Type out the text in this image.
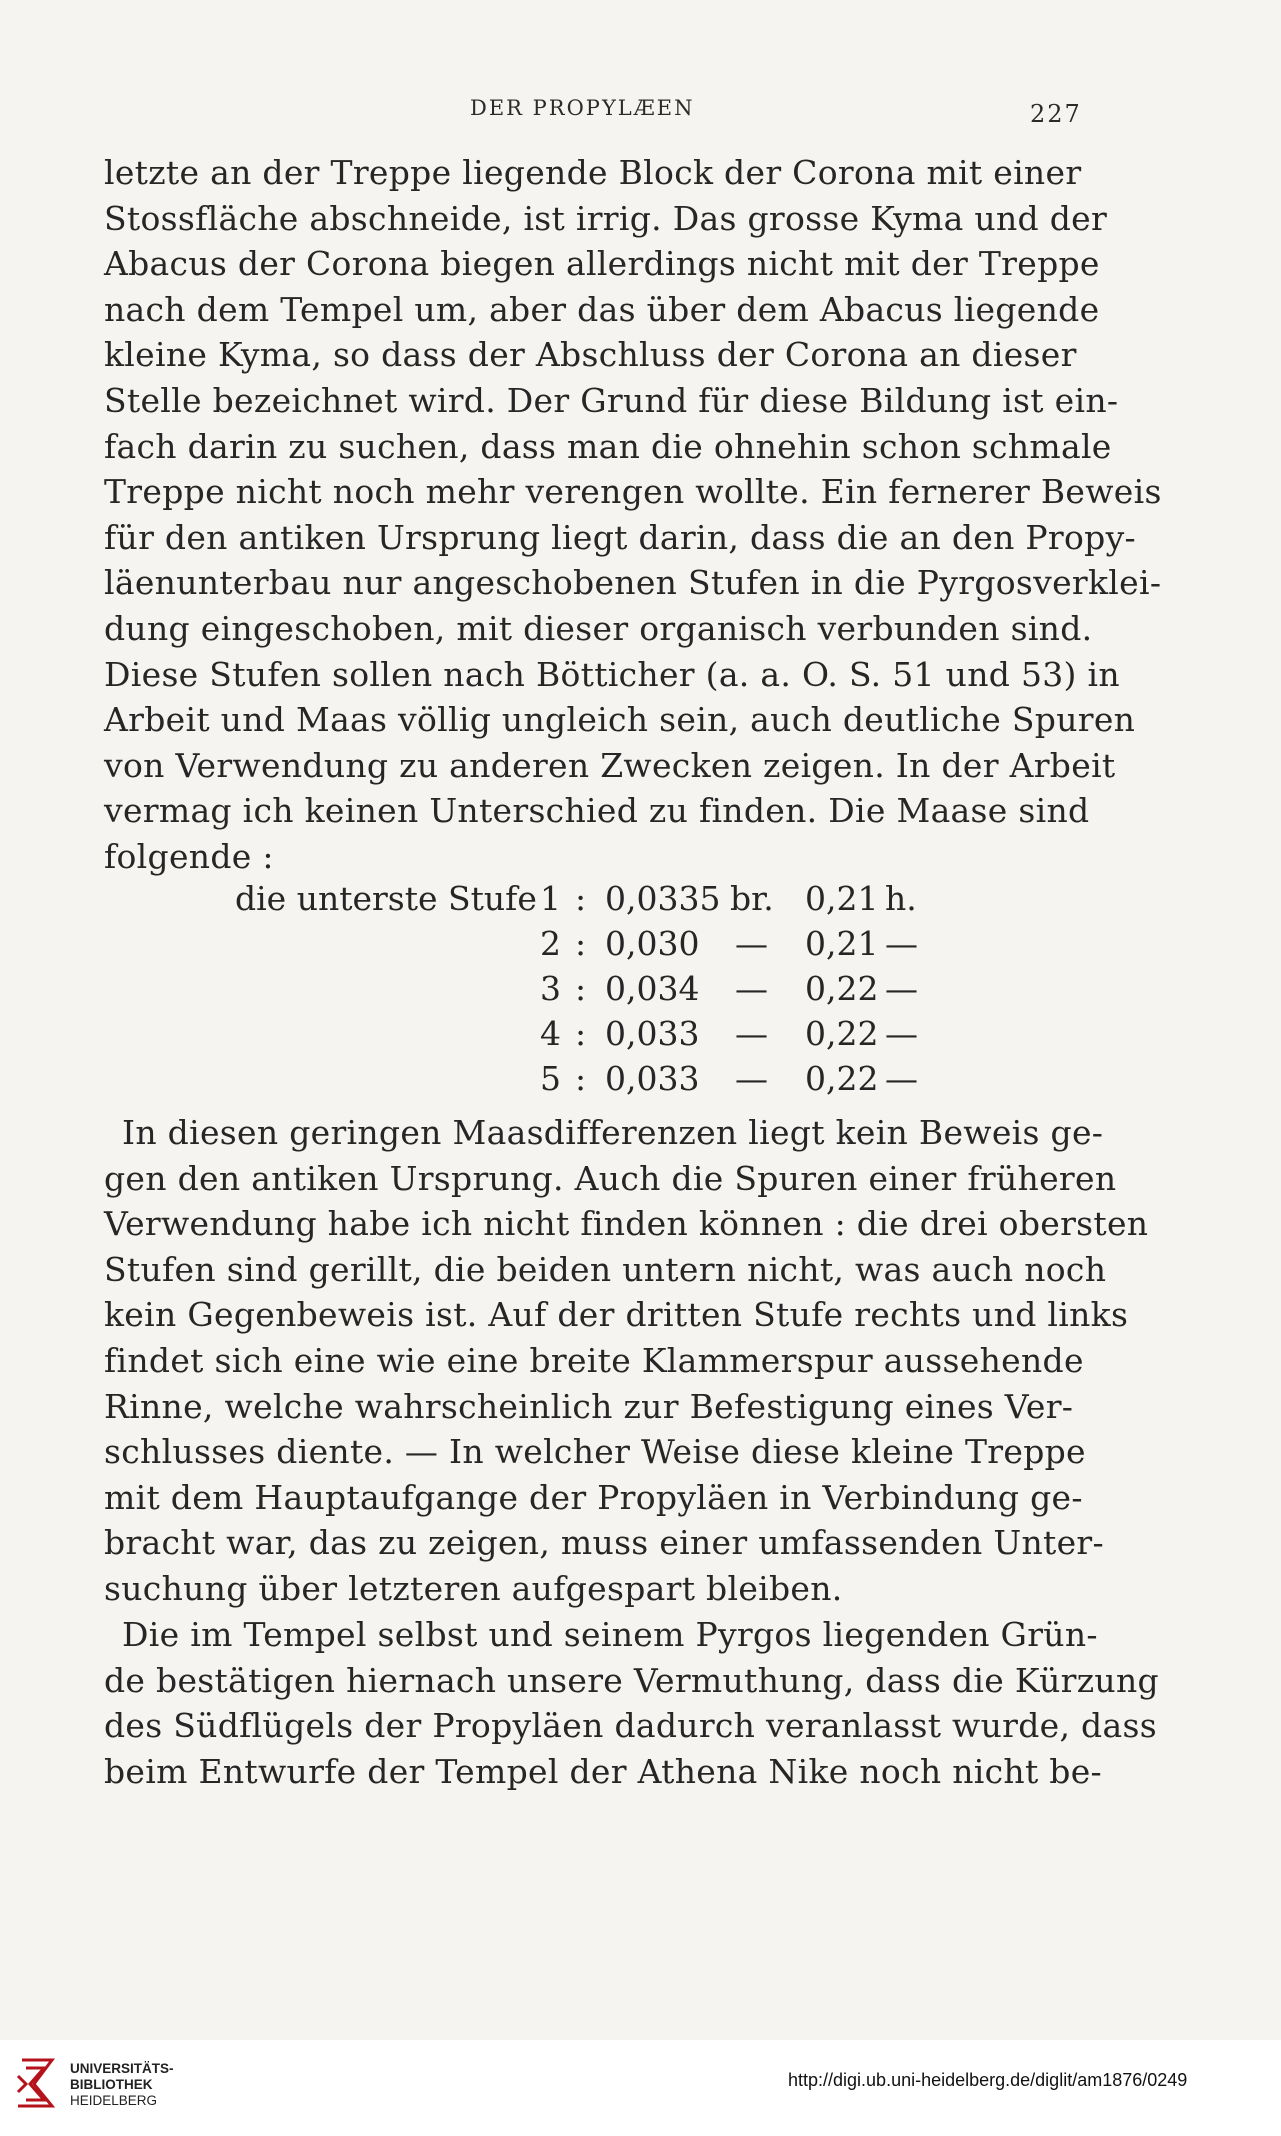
DER PROPYLÆEN	227
letzte an der Treppe liegende Block der Corona mit einer
Stossfläche abschneide, ist irrig. Das grosse Kyma und der
Abacus der Corona biegen allerdings nicht mit der Treppe
nach dem Tempel um, aber das über dem Abacus liegende
kleine Kyma, so dass der Abschluss der Corona an dieser
Stelle bezeichnet wird. Der Grund für diese Bildung ist ein-
fach darin zu suchen, dass man die ohnehin schon schmale
Treppe nicht noch mehr verengen wollte. Ein fernerer Beweis
für den antiken Ursprung liegt darin, dass die an den Propy-
läenunterbau nur angeschobenen Stufen in die Pyrgosverklei-
dung eingeschoben, mit dieser organisch verbunden sind.
Diese Stufen sollen nach Bötticher (a. a. O. S. 51 und 53) in
Arbeit und Maas völlig ungleich sein, auch deutliche Spuren
von Verwendung zu anderen Zwecken zeigen. In der Arbeit
vermag ich keinen Unterschied zu finden. Die Maase sind
folgende :
die unterste Stufe 1 : 0,0335 br. 0,21 h.
2 : 0,030 — 0,21 —
3 : 0,034 — 0,22 —
4 : 0,033 — 0,22 —
5 : 0,033 — 0,22 —
In diesen geringen Maasdifferenzen liegt kein Beweis ge-
gen den antiken Ursprung. Auch die Spuren einer früheren
Verwendung habe ich nicht finden können : die drei obersten
Stufen sind gerillt, die beiden untern nicht, was auch noch
kein Gegenbeweis ist. Auf der dritten Stufe rechts und links
findet sich eine wie eine breite Klammerspur aussehende
Rinne, welche wahrscheinlich zur Befestigung eines Ver-
schlusses diente. — In welcher Weise diese kleine Treppe
mit dem Hauptaufgange der Propyläen in Verbindung ge-
bracht war, das zu zeigen, muss einer umfassenden Unter-
suchung über letzteren aufgespart bleiben.
Die im Tempel selbst und seinem Pyrgos liegenden Grün-
de bestätigen hiernach unsere Vermuthung, dass die Kürzung
des Südflügels der Propyläen dadurch veranlasst wurde, dass
beim Entwurfe der Tempel der Athena Nike noch nicht be-
UNIVERSITÄTS-
BIBLIOTHEK
HEIDELBERG
http://digi.ub.uni-heidelberg.de/diglit/am1876/0249
